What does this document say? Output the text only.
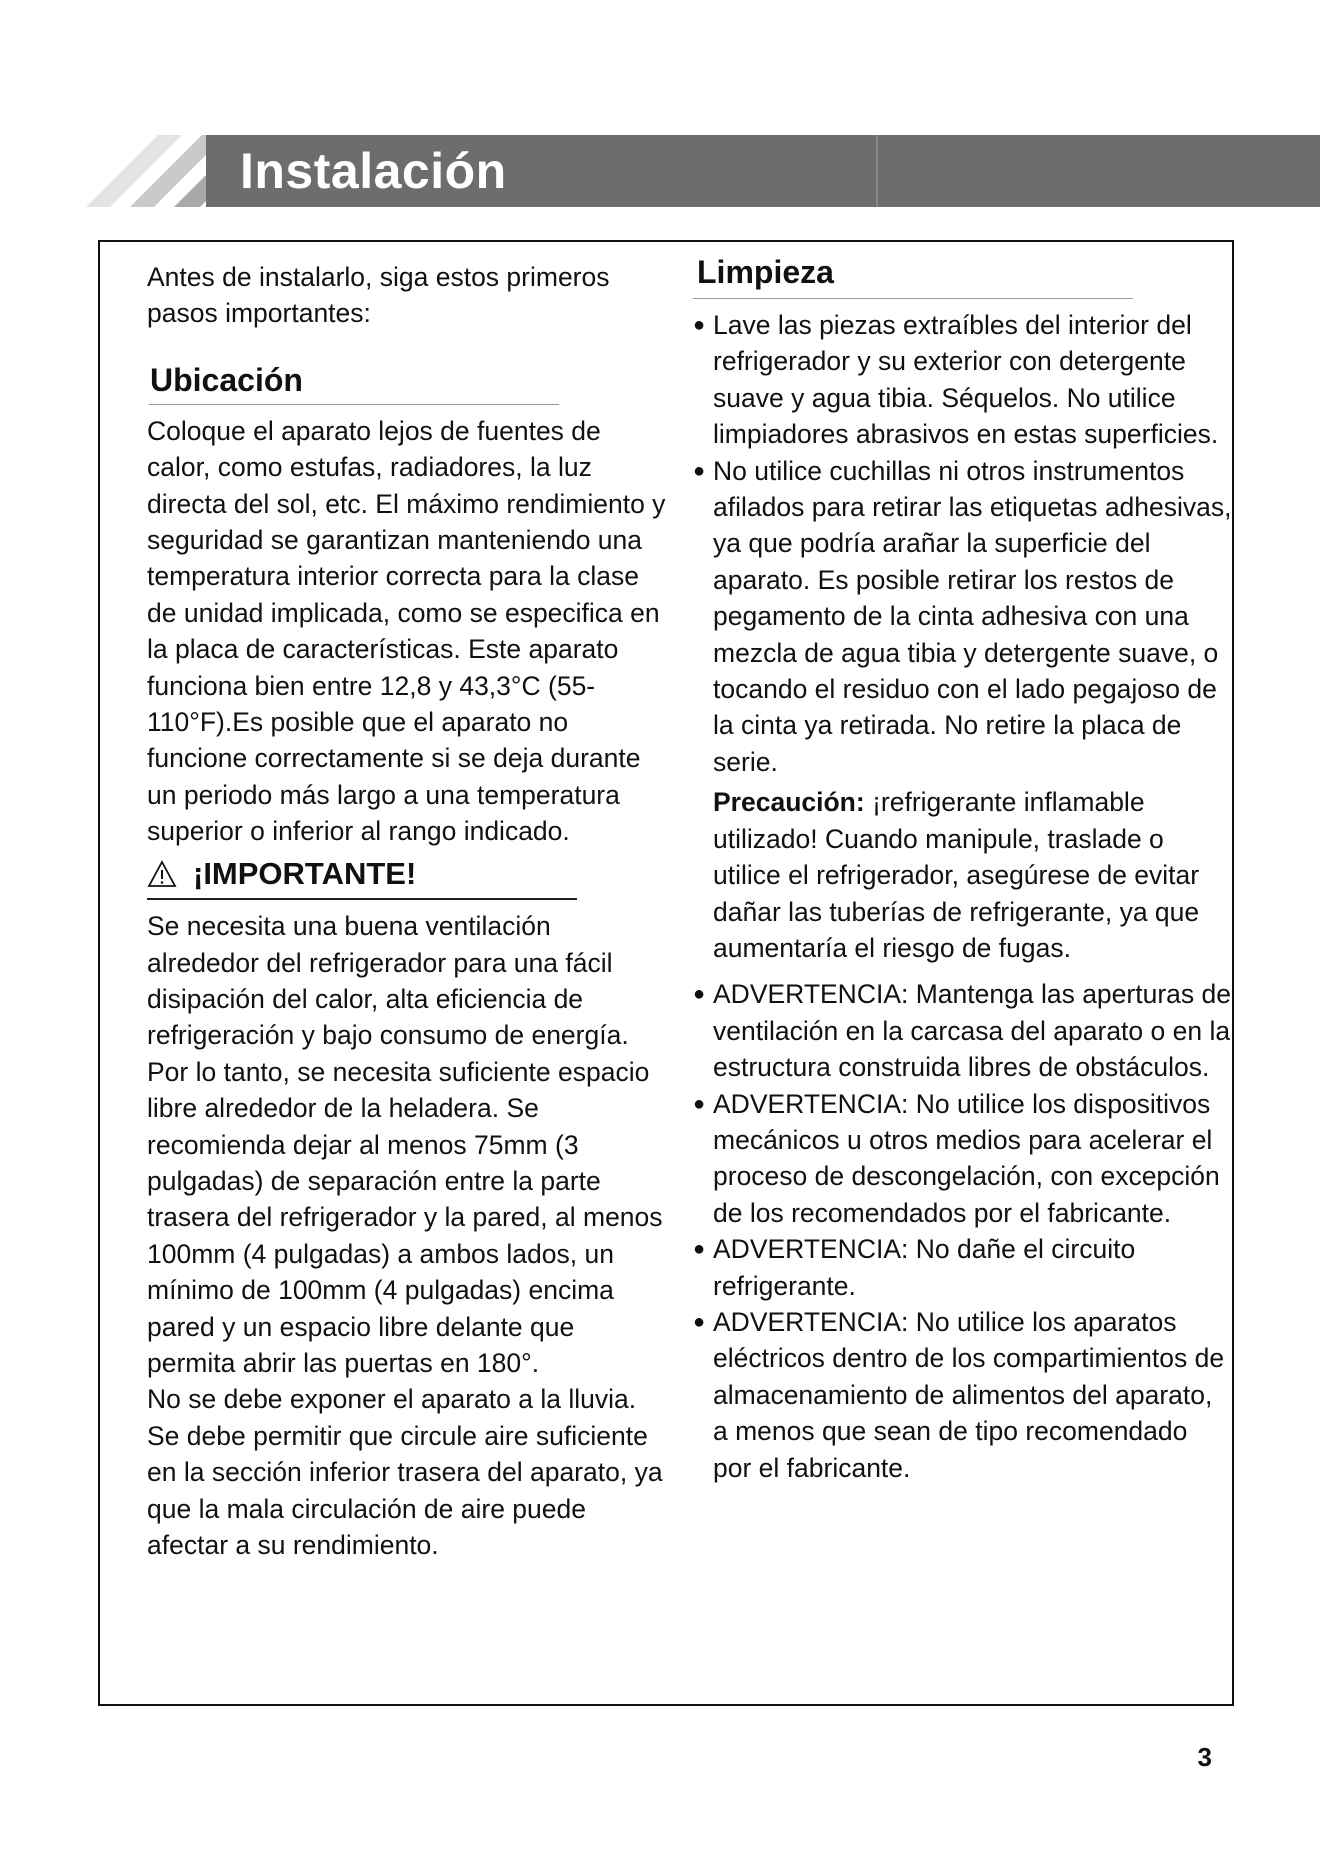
Instalación

Antes de instalarlo, siga estos primeros pasos importantes:

Ubicación

Coloque el aparato lejos de fuentes de calor, como estufas, radiadores, la luz directa del sol, etc. El máximo rendimiento y seguridad se garantizan manteniendo una temperatura interior correcta para la clase de unidad implicada, como se especifica en la placa de características. Este aparato funciona bien entre 12,8 y 43,3°C (55-110°F).Es posible que el aparato no funcione correctamente si se deja durante un periodo más largo a una temperatura superior o inferior al rango indicado.

¡IMPORTANTE!

Se necesita una buena ventilación alrededor del refrigerador para una fácil disipación del calor, alta eficiencia de refrigeración y bajo consumo de energía. Por lo tanto, se necesita suficiente espacio libre alrededor de la heladera. Se recomienda dejar al menos 75mm (3 pulgadas) de separación entre la parte trasera del refrigerador y la pared, al menos 100mm (4 pulgadas) a ambos lados, un mínimo de 100mm (4 pulgadas) encima pared y un espacio libre delante que permita abrir las puertas en 180°.

No se debe exponer el aparato a la lluvia. Se debe permitir que circule aire suficiente en la sección inferior trasera del aparato, ya que la mala circulación de aire puede afectar a su rendimiento.

Limpieza
● Lave las piezas extraíbles del interior del refrigerador y su exterior con detergente suave y agua tibia. Séquelos. No utilice limpiadores abrasivos en estas superficies.
● No utilice cuchillas ni otros instrumentos afilados para retirar las etiquetas adhesivas, ya que podría arañar la superficie del aparato. Es posible retirar los restos de pegamento de la cinta adhesiva con una mezcla de agua tibia y detergente suave, o tocando el residuo con el lado pegajoso de la cinta ya retirada. No retire la placa de serie.

Precaución: ¡refrigerante inflamable utilizado! Cuando manipule, traslade o utilice el refrigerador, asegúrese de evitar dañar las tuberías de refrigerante, ya que aumentaría el riesgo de fugas.

● ADVERTENCIA: Mantenga las aperturas de ventilación en la carcasa del aparato o en la estructura construida libres de obstáculos.
● ADVERTENCIA: No utilice los dispositivos mecánicos u otros medios para acelerar el proceso de descongelación, con excepción de los recomendados por el fabricante.
● ADVERTENCIA: No dañe el circuito refrigerante.
● ADVERTENCIA: No utilice los aparatos eléctricos dentro de los compartimientos de almacenamiento de alimentos del aparato, a menos que sean de tipo recomendado por el fabricante.
3
